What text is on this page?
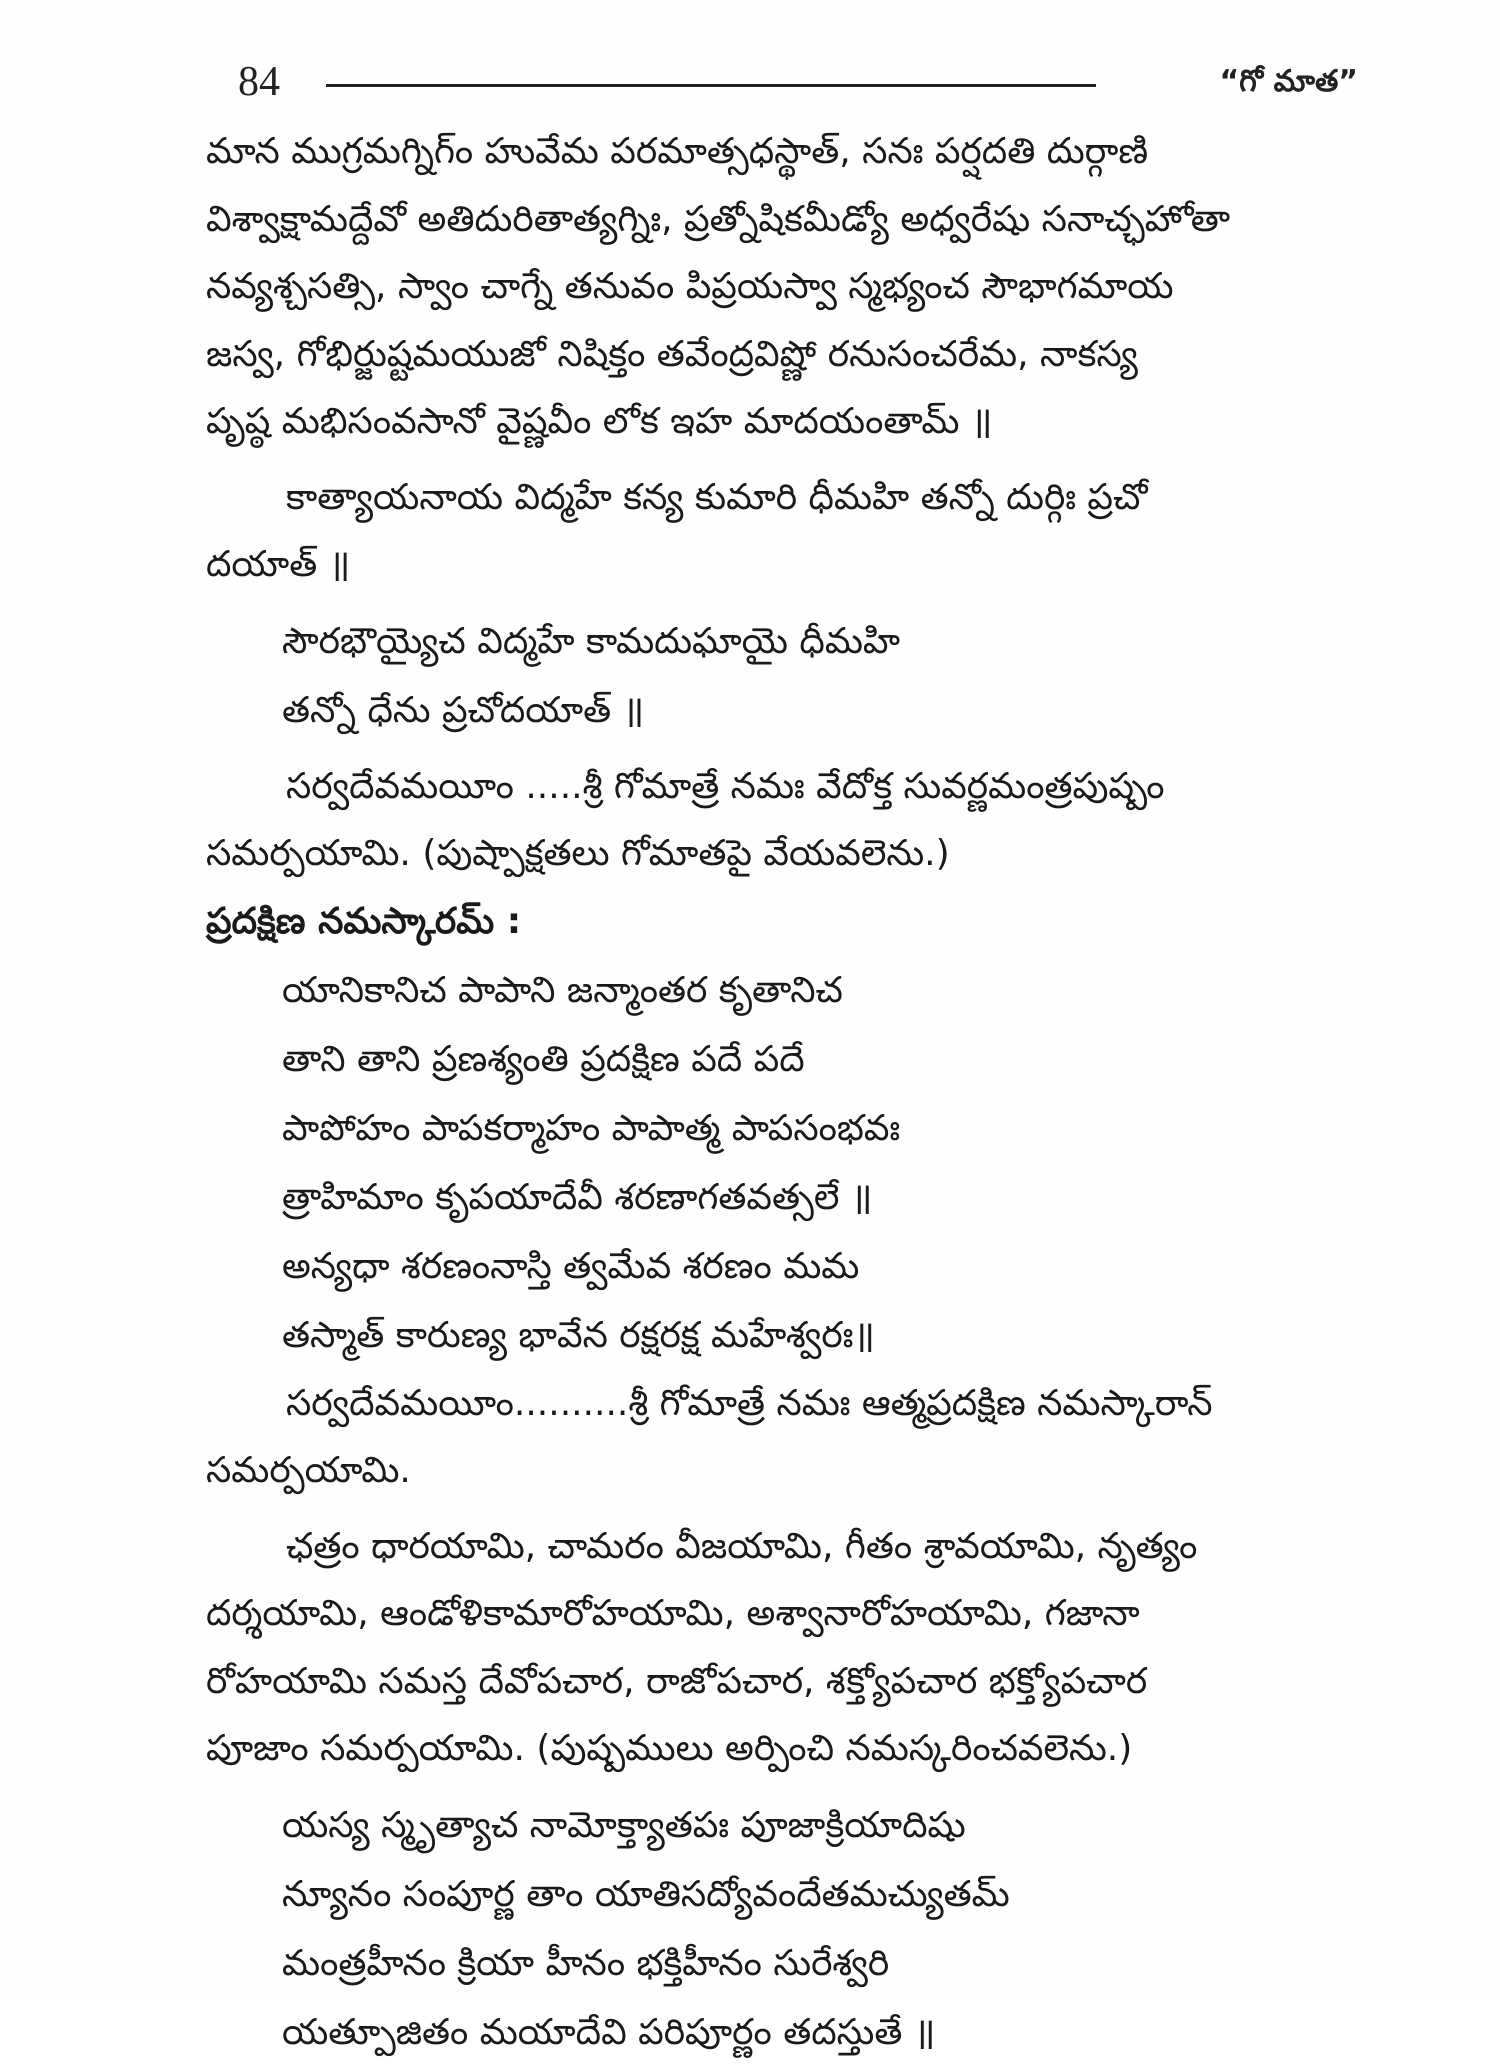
84	“గో మాత”

మాన ముగ్రమగ్నిగ్ం హువేమ పరమాత్సధస్థాత్, సనః పర్షదతి దుర్గాణి

విశ్వాక్షామద్దేవో అతిదురితాత్యగ్నిః, ప్రత్నోషికమీడ్యో అధ్వరేషు సనాచ్ఛహోతా

నవ్యశ్చసత్సి, స్వాం చాగ్నే తనువం పిప్రయస్వా స్మభ్యంచ సౌభాగమాయ

జస్వ, గోభిర్జుష్టమయుజో నిషిక్తం తవేంద్రవిష్ణో రనుసంచరేమ, నాకస్య

పృష్ఠ మభిసంవసానో వైష్ణవీం లోక ఇహ మాదయంతామ్ ॥

కాత్యాయనాయ విద్మహే కన్య కుమారి ధీమహి తన్నో దుర్గిః ప్రచో

దయాత్ ॥

సౌరభౌయ్యైచ విద్మహే కామదుఘాయై ధీమహి

తన్నో ధేను ప్రచోదయాత్ ॥

సర్వదేవమయీం .....శ్రీ గోమాత్రే నమః వేదోక్త సువర్ణమంత్రపుష్పం

సమర్పయామి. (పుష్పాక్షతలు గోమాతపై వేయవలెను.)

ప్రదక్షిణ నమస్కారమ్ :

యానికానిచ పాపాని జన్మాంతర కృతానిచ

తాని తాని ప్రణశ్యంతి ప్రదక్షిణ పదే పదే

పాపోహం పాపకర్మాహం పాపాత్మ పాపసంభవః

త్రాహిమాం కృపయాదేవీ శరణాగతవత్సలే ॥

అన్యధా శరణంనాస్తి త్వమేవ శరణం మమ

తస్మాత్ కారుణ్య భావేన రక్షరక్ష మహేశ్వరః॥

సర్వదేవమయీం..........శ్రీ గోమాత్రే నమః ఆత్మప్రదక్షిణ నమస్కారాన్

సమర్పయామి.

ఛత్రం ధారయామి, చామరం వీజయామి, గీతం శ్రావయామి, నృత్యం

దర్శయామి, ఆండోళికామారోహయామి, అశ్వానారోహయామి, గజానా

రోహయామి సమస్త దేవోపచార, రాజోపచార, శక్త్యోపచార భక్త్యోపచార

పూజాం సమర్పయామి. (పుష్పములు అర్పించి నమస్కరించవలెను.)

యస్య స్మృత్యాచ నామోక్త్యాతపః పూజాక్రియాదిషు

న్యూనం సంపూర్ణ తాం యాతిసద్యోవందేతమచ్యుతమ్

మంత్రహీనం క్రియా హీనం భక్తిహీనం సురేశ్వరి

యత్పూజితం మయాదేవి పరిపూర్ణం తదస్తుతే ॥
